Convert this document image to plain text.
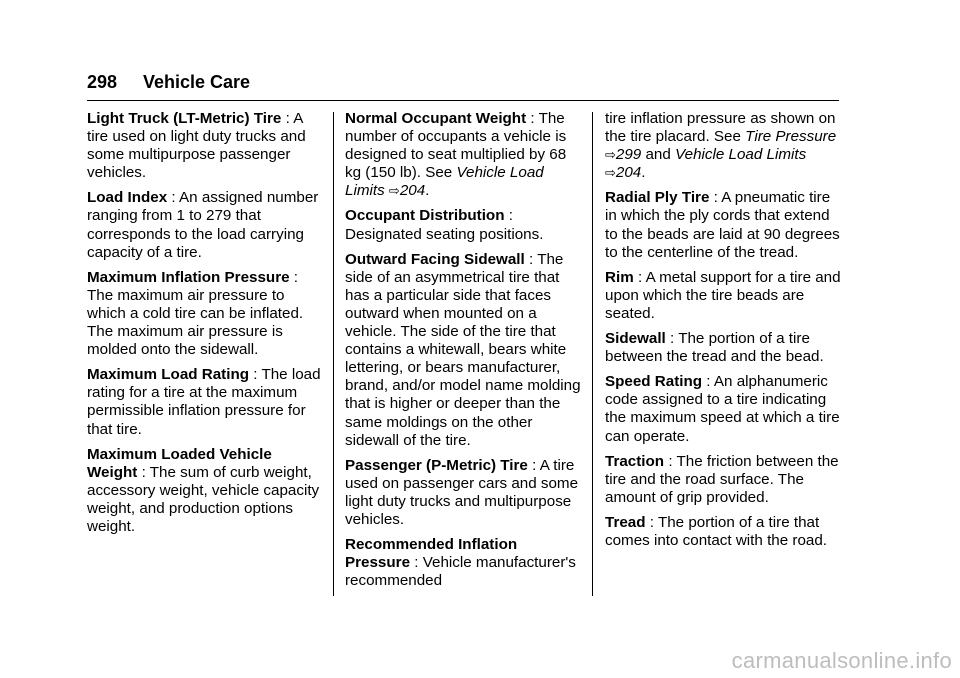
298 Vehicle Care

Light Truck (LT-Metric) Tire : A tire used on light duty trucks and some multipurpose passenger vehicles.

Load Index : An assigned number ranging from 1 to 279 that corresponds to the load carrying capacity of a tire.

Maximum Inflation Pressure : The maximum air pressure to which a cold tire can be inflated. The maximum air pressure is molded onto the sidewall.

Maximum Load Rating : The load rating for a tire at the maximum permissible inflation pressure for that tire.

Maximum Loaded Vehicle Weight : The sum of curb weight, accessory weight, vehicle capacity weight, and production options weight.

Normal Occupant Weight : The number of occupants a vehicle is designed to seat multiplied by 68 kg (150 lb). See Vehicle Load Limits ⇨204.

Occupant Distribution : Designated seating positions.

Outward Facing Sidewall : The side of an asymmetrical tire that has a particular side that faces outward when mounted on a vehicle. The side of the tire that contains a whitewall, bears white lettering, or bears manufacturer, brand, and/or model name molding that is higher or deeper than the same moldings on the other sidewall of the tire.

Passenger (P-Metric) Tire : A tire used on passenger cars and some light duty trucks and multipurpose vehicles.

Recommended Inflation Pressure : Vehicle manufacturer's recommended

tire inflation pressure as shown on the tire placard. See Tire Pressure ⇨299 and Vehicle Load Limits ⇨204.

Radial Ply Tire : A pneumatic tire in which the ply cords that extend to the beads are laid at 90 degrees to the centerline of the tread.

Rim : A metal support for a tire and upon which the tire beads are seated.

Sidewall : The portion of a tire between the tread and the bead.

Speed Rating : An alphanumeric code assigned to a tire indicating the maximum speed at which a tire can operate.

Traction : The friction between the tire and the road surface. The amount of grip provided.

Tread : The portion of a tire that comes into contact with the road.

carmanualsonline.info
